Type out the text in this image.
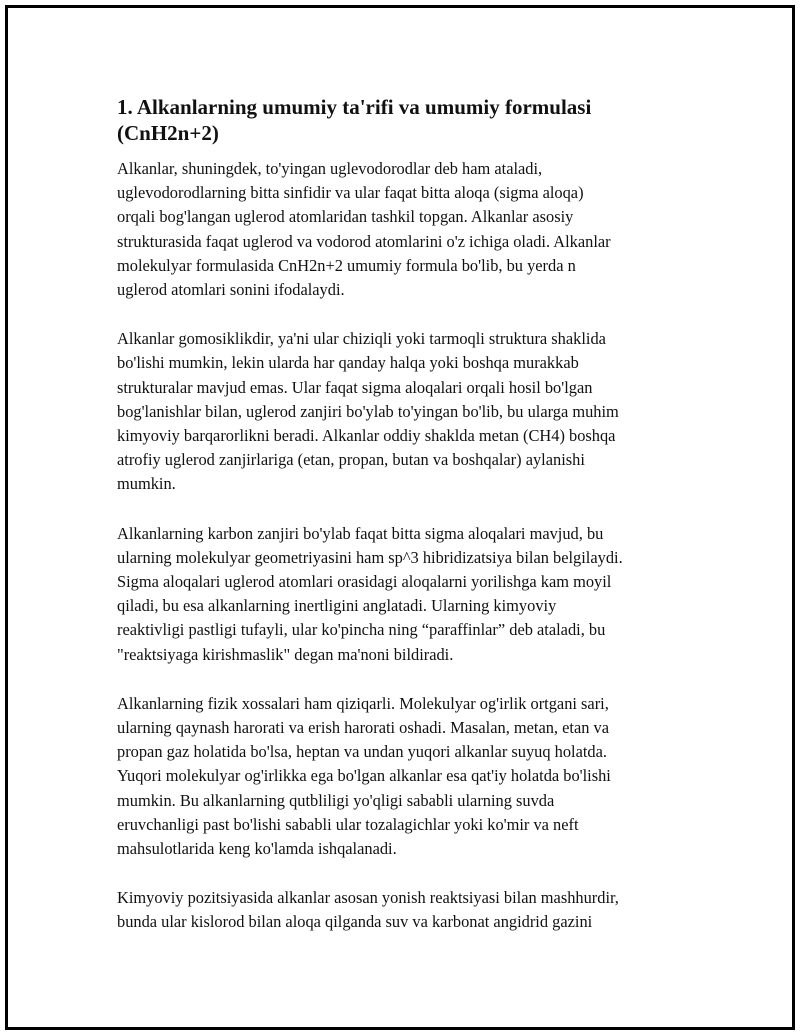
1. Alkanlarning umumiy ta'rifi va umumiy formulasi
(CnH2n+2)

Alkanlar, shuningdek, to'yingan uglevodorodlar deb ham ataladi,
uglevodorodlarning bitta sinfidir va ular faqat bitta aloqa (sigma aloqa)
orqali bog'langan uglerod atomlaridan tashkil topgan. Alkanlar asosiy
strukturasida faqat uglerod va vodorod atomlarini o'z ichiga oladi. Alkanlar
molekulyar formulasida CnH2n+2 umumiy formula bo'lib, bu yerda n
uglerod atomlari sonini ifodalaydi.

Alkanlar gomosiklikdir, ya'ni ular chiziqli yoki tarmoqli struktura shaklida
bo'lishi mumkin, lekin ularda har qanday halqa yoki boshqa murakkab
strukturalar mavjud emas. Ular faqat sigma aloqalari orqali hosil bo'lgan
bog'lanishlar bilan, uglerod zanjiri bo'ylab to'yingan bo'lib, bu ularga muhim
kimyoviy barqarorlikni beradi. Alkanlar oddiy shaklda metan (CH4) boshqa
atrofiy uglerod zanjirlariga (etan, propan, butan va boshqalar) aylanishi
mumkin.

Alkanlarning karbon zanjiri bo'ylab faqat bitta sigma aloqalari mavjud, bu
ularning molekulyar geometriyasini ham sp^3 hibridizatsiya bilan belgilaydi.
Sigma aloqalari uglerod atomlari orasidagi aloqalarni yorilishga kam moyil
qiladi, bu esa alkanlarning inertligini anglatadi. Ularning kimyoviy
reaktivligi pastligi tufayli, ular ko'pincha ning “paraffinlar” deb ataladi, bu
"reaktsiyaga kirishmaslik" degan ma'noni bildiradi.

Alkanlarning fizik xossalari ham qiziqarli. Molekulyar og'irlik ortgani sari,
ularning qaynash harorati va erish harorati oshadi. Masalan, metan, etan va
propan gaz holatida bo'lsa, heptan va undan yuqori alkanlar suyuq holatda.
Yuqori molekulyar og'irlikka ega bo'lgan alkanlar esa qat'iy holatda bo'lishi
mumkin. Bu alkanlarning qutbliligi yo'qligi sababli ularning suvda
eruvchanligi past bo'lishi sababli ular tozalagichlar yoki ko'mir va neft
mahsulotlarida keng ko'lamda ishqalanadi.

Kimyoviy pozitsiyasida alkanlar asosan yonish reaktsiyasi bilan mashhurdir,
bunda ular kislorod bilan aloqa qilganda suv va karbonat angidrid gazini
